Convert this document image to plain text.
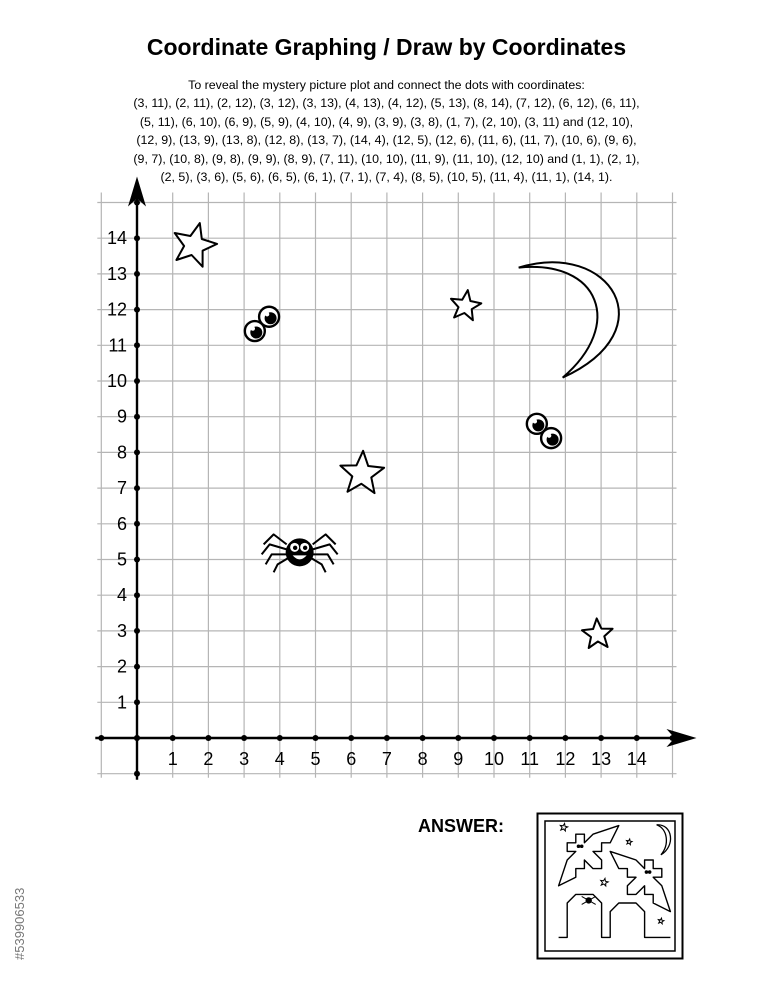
Coordinate Graphing / Draw by Coordinates
To reveal the mystery picture plot and connect the dots with coordinates:
(3, 11), (2, 11), (2, 12), (3, 12), (3, 13), (4, 13), (4, 12), (5, 13), (8, 14), (7, 12), (6, 12), (6, 11),
(5, 11), (6, 10), (6, 9), (5, 9), (4, 10), (4, 9), (3, 9), (3, 8), (1, 7), (2, 10), (3, 11) and (12, 10),
(12, 9), (13, 9), (13, 8), (12, 8), (13, 7), (14, 4), (12, 5), (12, 6), (11, 6), (11, 7), (10, 6), (9, 6),
(9, 7), (10, 8), (9, 8), (9, 9), (8, 9), (7, 11), (10, 10), (11, 9), (11, 10), (12, 10) and (1, 1), (2, 1),
(2, 5), (3, 6), (5, 6), (6, 5), (6, 1), (7, 1), (7, 4), (8, 5), (10, 5), (11, 4), (11, 1), (14, 1).
1 2 3 4 5 6 7 8 9 10 11 12 13 14
1
2
3
4
5
6
7
8
9
10
11
12
13
14
ANSWER:
#539906533
